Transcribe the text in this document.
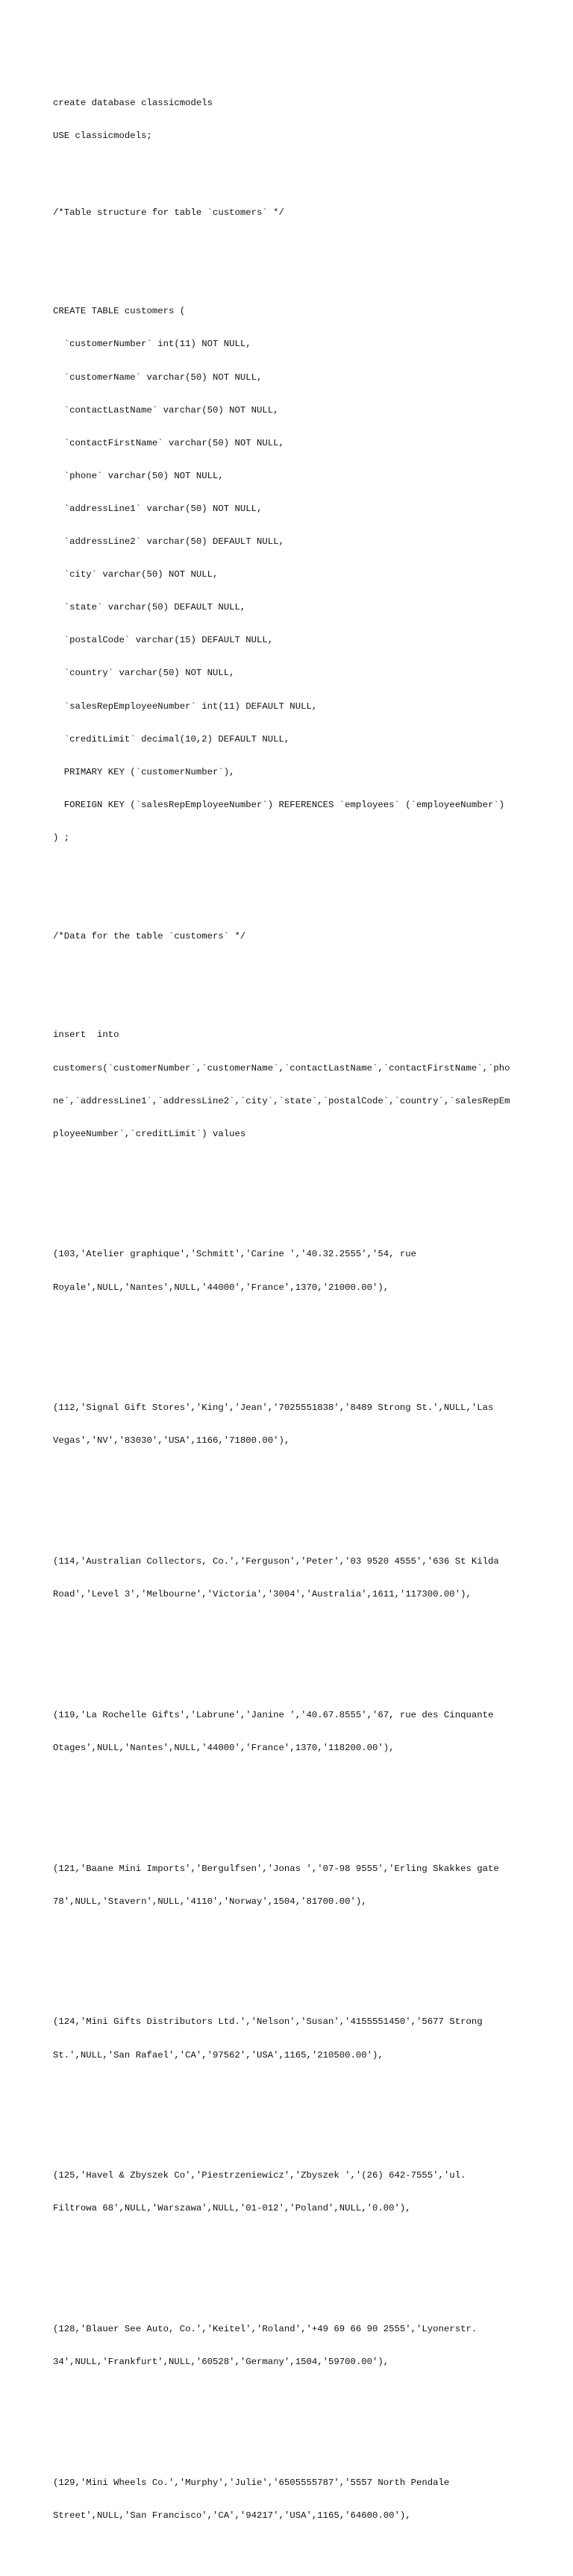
create database classicmodels

USE classicmodels;

/*Table structure for table `customers` */

CREATE TABLE customers (

`customerNumber` int(11) NOT NULL,

`customerName` varchar(50) NOT NULL,

`contactLastName` varchar(50) NOT NULL,

`contactFirstName` varchar(50) NOT NULL,

`phone` varchar(50) NOT NULL,

`addressLine1` varchar(50) NOT NULL,

`addressLine2` varchar(50) DEFAULT NULL,

`city` varchar(50) NOT NULL,

`state` varchar(50) DEFAULT NULL,

`postalCode` varchar(15) DEFAULT NULL,

`country` varchar(50) NOT NULL,

`salesRepEmployeeNumber` int(11) DEFAULT NULL,

`creditLimit` decimal(10,2) DEFAULT NULL,

PRIMARY KEY (`customerNumber`),

FOREIGN KEY (`salesRepEmployeeNumber`) REFERENCES `employees` (`employeeNumber`)

) ;

/*Data for the table `customers` */

insert  into

customers(`customerNumber`,`customerName`,`contactLastName`,`contactFirstName`,`pho

ne`,`addressLine1`,`addressLine2`,`city`,`state`,`postalCode`,`country`,`salesRepEm

ployeeNumber`,`creditLimit`) values

(103,'Atelier graphique','Schmitt','Carine ','40.32.2555','54, rue

Royale',NULL,'Nantes',NULL,'44000','France',1370,'21000.00'),

(112,'Signal Gift Stores','King','Jean','7025551838','8489 Strong St.',NULL,'Las

Vegas','NV','83030','USA',1166,'71800.00'),

(114,'Australian Collectors, Co.','Ferguson','Peter','03 9520 4555','636 St Kilda

Road','Level 3','Melbourne','Victoria','3004','Australia',1611,'117300.00'),

(119,'La Rochelle Gifts','Labrune','Janine ','40.67.8555','67, rue des Cinquante

Otages',NULL,'Nantes',NULL,'44000','France',1370,'118200.00'),

(121,'Baane Mini Imports','Bergulfsen','Jonas ','07-98 9555','Erling Skakkes gate

78',NULL,'Stavern',NULL,'4110','Norway',1504,'81700.00'),

(124,'Mini Gifts Distributors Ltd.','Nelson','Susan','4155551450','5677 Strong

St.',NULL,'San Rafael','CA','97562','USA',1165,'210500.00'),

(125,'Havel & Zbyszek Co','Piestrzeniewicz','Zbyszek ','(26) 642-7555','ul.

Filtrowa 68',NULL,'Warszawa',NULL,'01-012','Poland',NULL,'0.00'),

(128,'Blauer See Auto, Co.','Keitel','Roland','+49 69 66 90 2555','Lyonerstr.

34',NULL,'Frankfurt',NULL,'60528','Germany',1504,'59700.00'),

(129,'Mini Wheels Co.','Murphy','Julie','6505555787','5557 North Pendale

Street',NULL,'San Francisco','CA','94217','USA',1165,'64600.00'),
